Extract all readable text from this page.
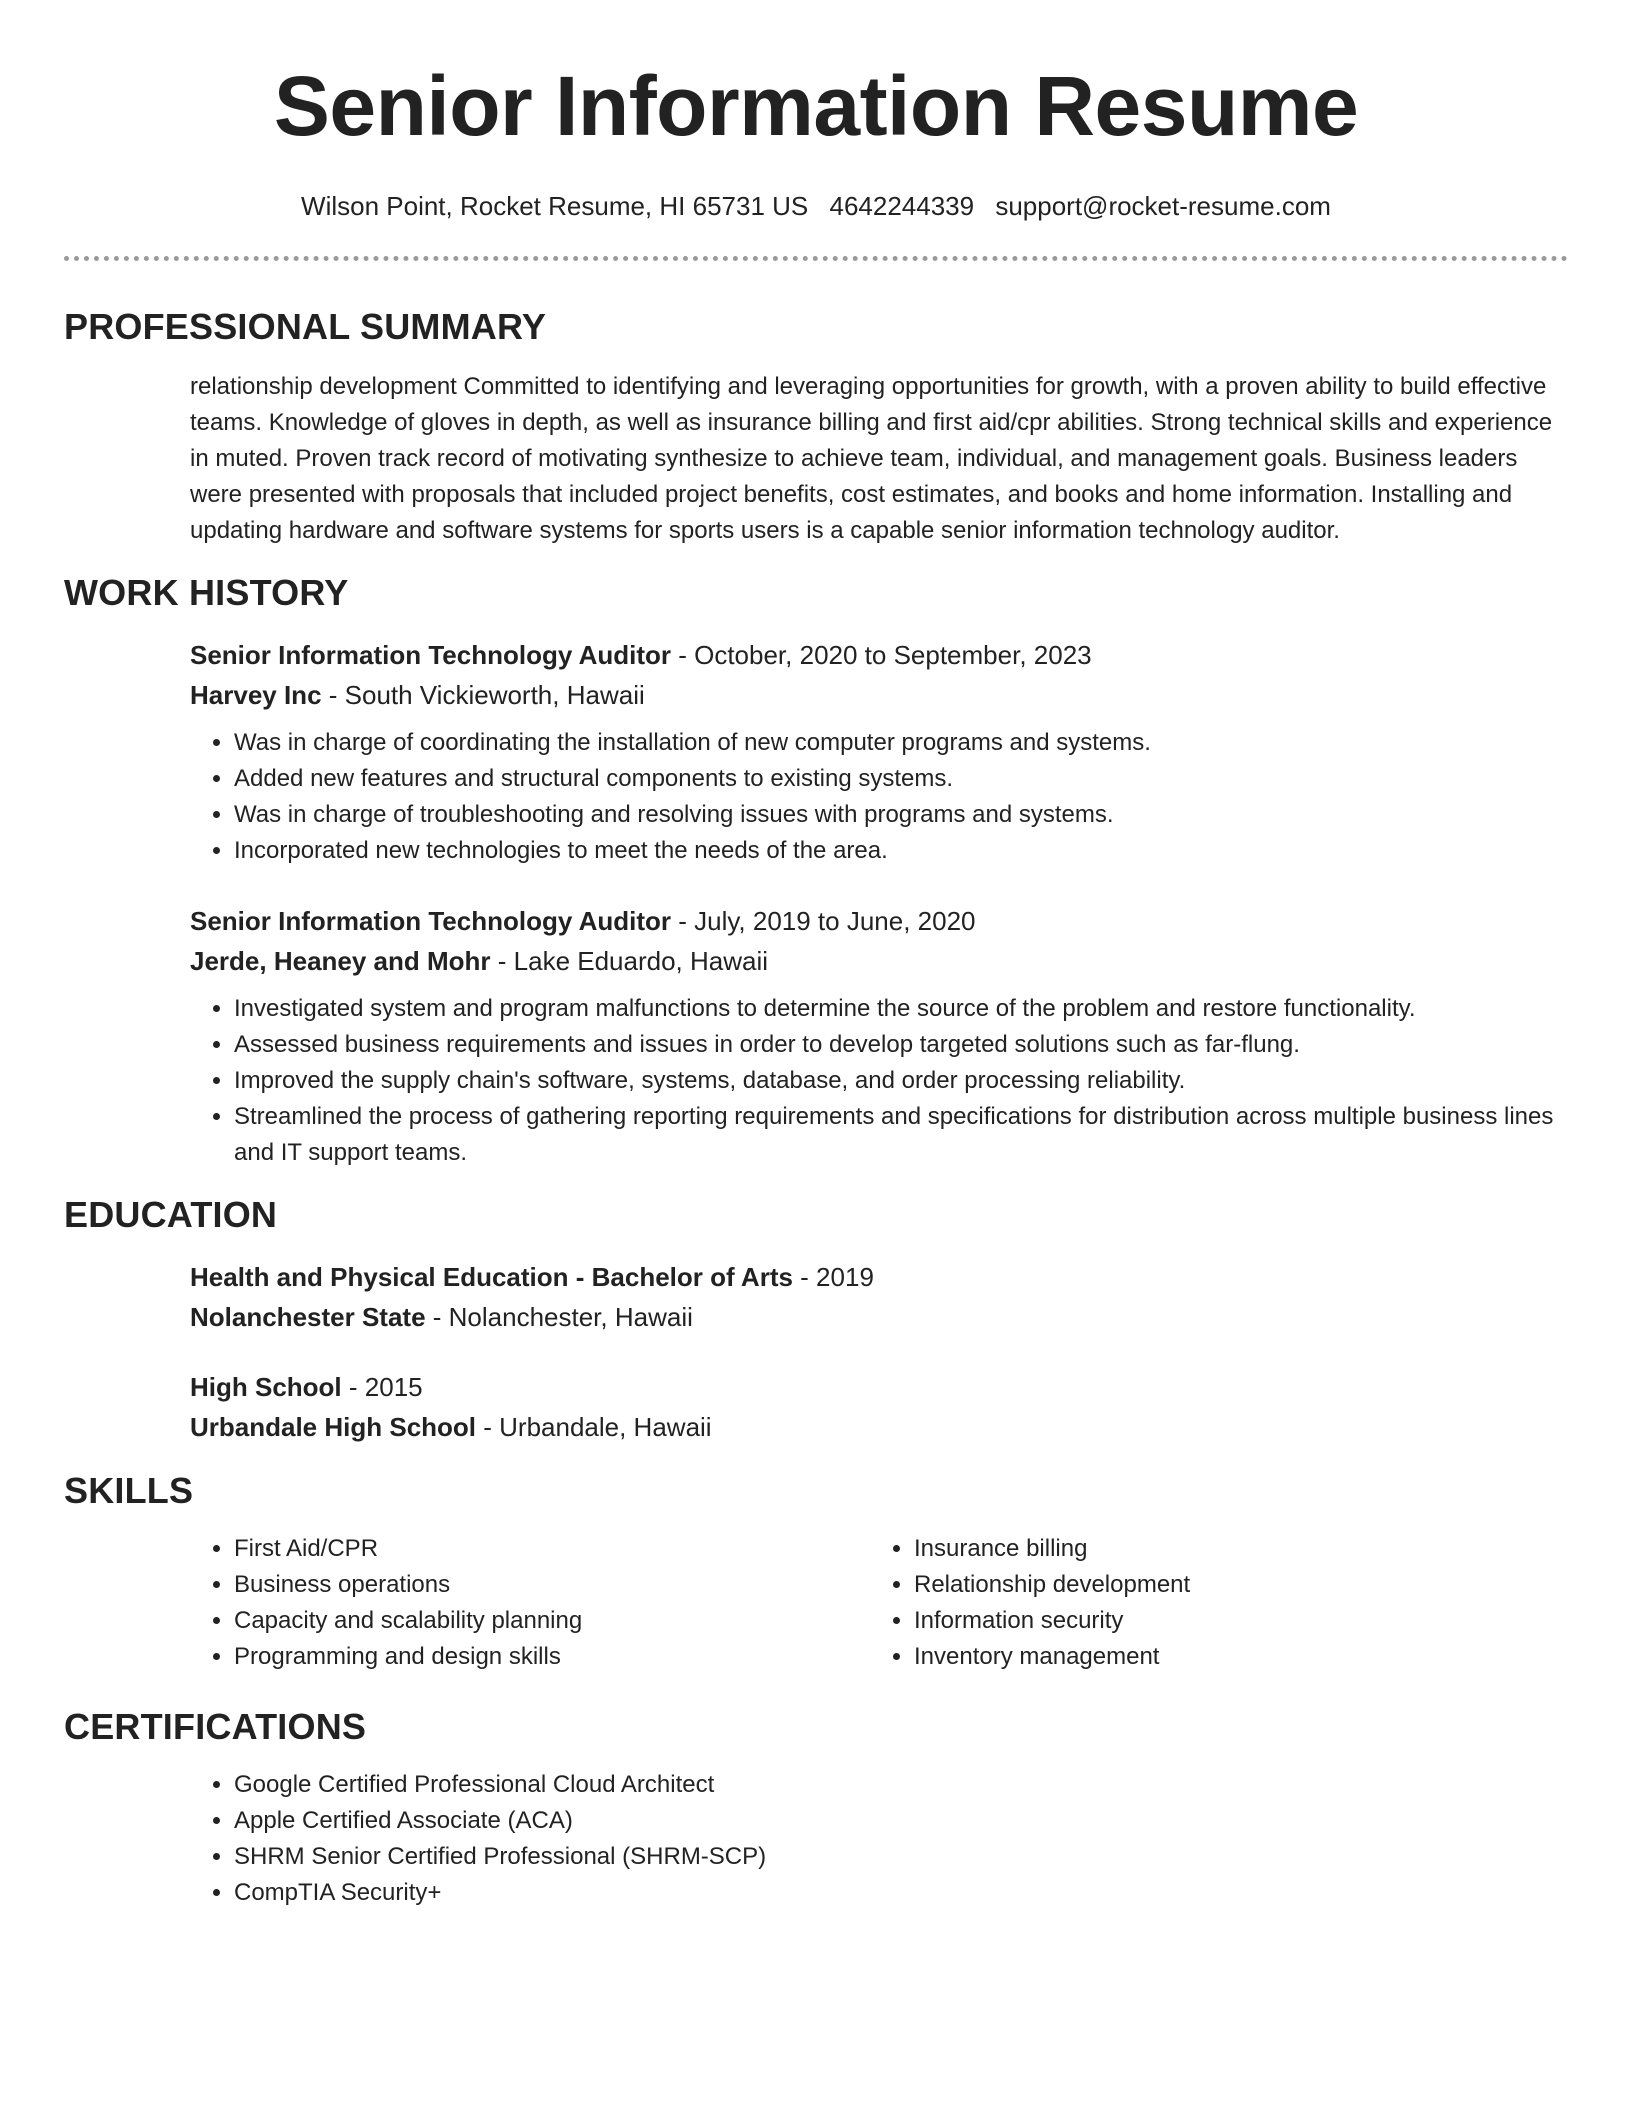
Senior Information Resume
Wilson Point, Rocket Resume, HI 65731 US 4642244339 support@rocket-resume.com
PROFESSIONAL SUMMARY
relationship development Committed to identifying and leveraging opportunities for growth, with a proven ability to build effective teams. Knowledge of gloves in depth, as well as insurance billing and first aid/cpr abilities. Strong technical skills and experience in muted. Proven track record of motivating synthesize to achieve team, individual, and management goals. Business leaders were presented with proposals that included project benefits, cost estimates, and books and home information. Installing and updating hardware and software systems for sports users is a capable senior information technology auditor.
WORK HISTORY
Senior Information Technology Auditor - October, 2020 to September, 2023
Harvey Inc - South Vickieworth, Hawaii
• Was in charge of coordinating the installation of new computer programs and systems.
• Added new features and structural components to existing systems.
• Was in charge of troubleshooting and resolving issues with programs and systems.
• Incorporated new technologies to meet the needs of the area.
Senior Information Technology Auditor - July, 2019 to June, 2020
Jerde, Heaney and Mohr - Lake Eduardo, Hawaii
• Investigated system and program malfunctions to determine the source of the problem and restore functionality.
• Assessed business requirements and issues in order to develop targeted solutions such as far-flung.
• Improved the supply chain's software, systems, database, and order processing reliability.
• Streamlined the process of gathering reporting requirements and specifications for distribution across multiple business lines and IT support teams.
EDUCATION
Health and Physical Education - Bachelor of Arts - 2019
Nolanchester State - Nolanchester, Hawaii
High School - 2015
Urbandale High School - Urbandale, Hawaii
SKILLS
• First Aid/CPR
• Business operations
• Capacity and scalability planning
• Programming and design skills
• Insurance billing
• Relationship development
• Information security
• Inventory management
CERTIFICATIONS
• Google Certified Professional Cloud Architect
• Apple Certified Associate (ACA)
• SHRM Senior Certified Professional (SHRM-SCP)
• CompTIA Security+
